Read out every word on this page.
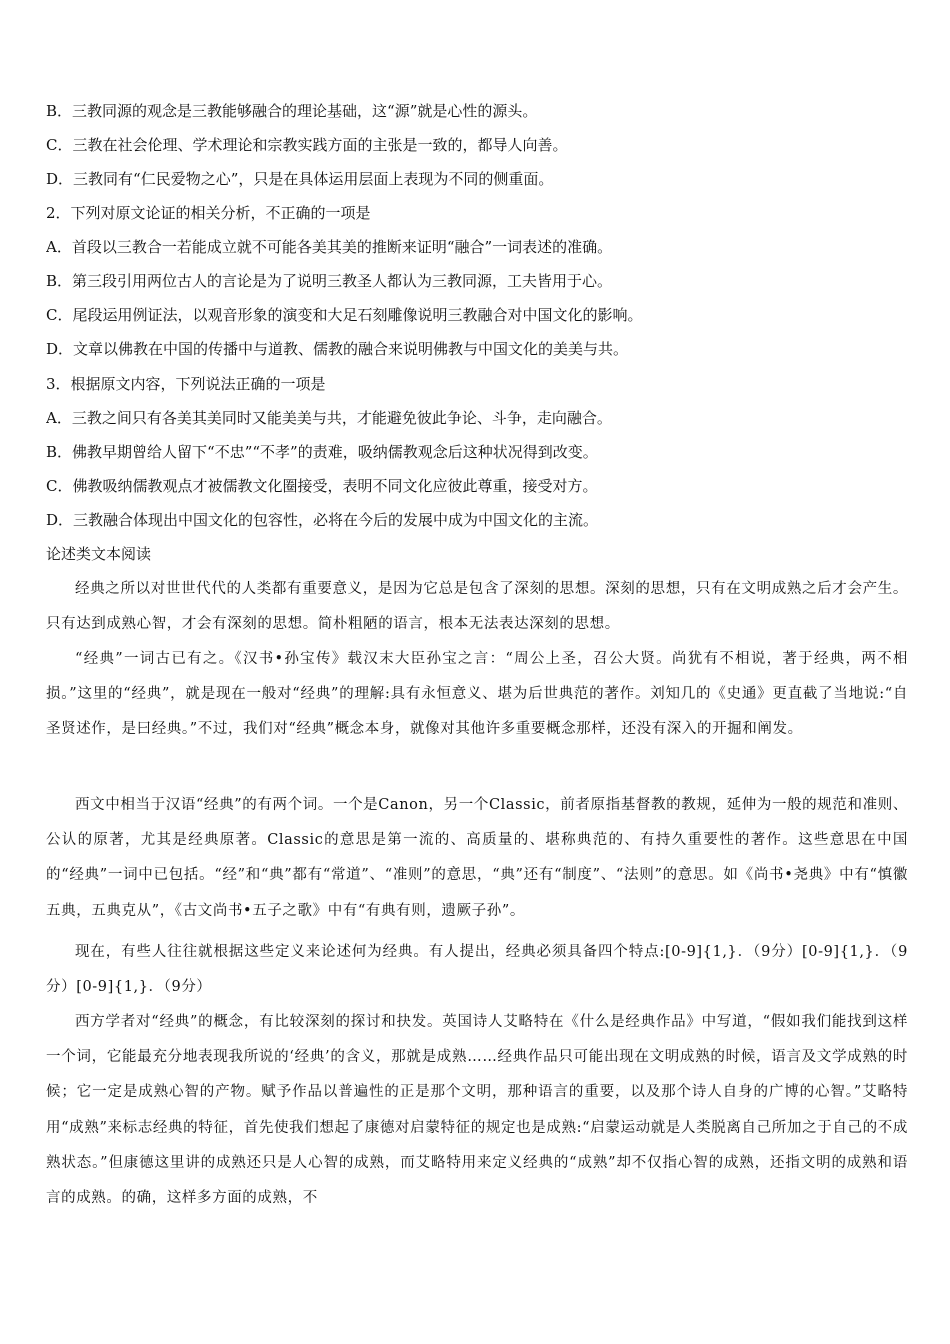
B．三教同源的观念是三教能够融合的理论基础，这“源”就是心性的源头。
C．三教在社会伦理、学术理论和宗教实践方面的主张是一致的，都导人向善。
D．三教同有“仁民爱物之心”，只是在具体运用层面上表现为不同的侧重面。
2．下列对原文论证的相关分析，不正确的一项是
A．首段以三教合一若能成立就不可能各美其美的推断来证明“融合”一词表述的准确。
B．第三段引用两位古人的言论是为了说明三教圣人都认为三教同源，工夫皆用于心。
C．尾段运用例证法，以观音形象的演变和大足石刻雕像说明三教融合对中国文化的影响。
D．文章以佛教在中国的传播中与道教、儒教的融合来说明佛教与中国文化的美美与共。
3．根据原文内容，下列说法正确的一项是
A．三教之间只有各美其美同时又能美美与共，才能避免彼此争论、斗争，走向融合。
B．佛教早期曾给人留下“不忠”“不孝”的责难，吸纳儒教观念后这种状况得到改变。
C．佛教吸纳儒教观点才被儒教文化圈接受，表明不同文化应彼此尊重，接受对方。
D．三教融合体现出中国文化的包容性，必将在今后的发展中成为中国文化的主流。
论述类文本阅读
经典之所以对世世代代的人类都有重要意义，是因为它总是包含了深刻的思想。深刻的思想，只有在文明成熟之后才会产生。只有达到成熟心智，才会有深刻的思想。简朴粗陋的语言，根本无法表达深刻的思想。
“经典”一词古已有之。《汉书•孙宝传》载汉末大臣孙宝之言：“周公上圣，召公大贤。尚犹有不相说，著于经典，两不相损。”这里的“经典”，就是现在一般对“经典”的理解:具有永恒意义、堪为后世典范的著作。刘知几的《史通》更直截了当地说:“自圣贤述作，是曰经典。”不过，我们对“经典”概念本身，就像对其他许多重要概念那样，还没有深入的开掘和阐发。
西文中相当于汉语“经典”的有两个词。一个是Canon，另一个Classic，前者原指基督教的教规，延伸为一般的规范和准则、公认的原著，尤其是经典原著。Classic的意思是第一流的、高质量的、堪称典范的、有持久重要性的著作。这些意思在中国的“经典”一词中已包括。“经”和“典”都有“常道”、“准则”的意思，“典”还有“制度”、“法则”的意思。如《尚书•尧典》中有“慎徽五典，五典克从”，《古文尚书•五子之歌》中有“有典有则，遗厥子孙”。
现在，有些人往往就根据这些定义来论述何为经典。有人提出，经典必须具备四个特点:[0-9]{1,}．（9分）[0-9]{1,}．（9分）[0-9]{1,}．（9分）
西方学者对“经典”的概念，有比较深刻的探讨和抉发。英国诗人艾略特在《什么是经典作品》中写道，“假如我们能找到这样一个词，它能最充分地表现我所说的‘经典’的含义，那就是成熟……经典作品只可能出现在文明成熟的时候，语言及文学成熟的时候；它一定是成熟心智的产物。赋予作品以普遍性的正是那个文明，那种语言的重要，以及那个诗人自身的广博的心智。”艾略特用“成熟”来标志经典的特征，首先使我们想起了康德对启蒙特征的规定也是成熟:“启蒙运动就是人类脱离自己所加之于自己的不成熟状态。”但康德这里讲的成熟还只是人心智的成熟，而艾略特用来定义经典的“成熟”却不仅指心智的成熟，还指文明的成熟和语言的成熟。的确，这样多方面的成熟，不
